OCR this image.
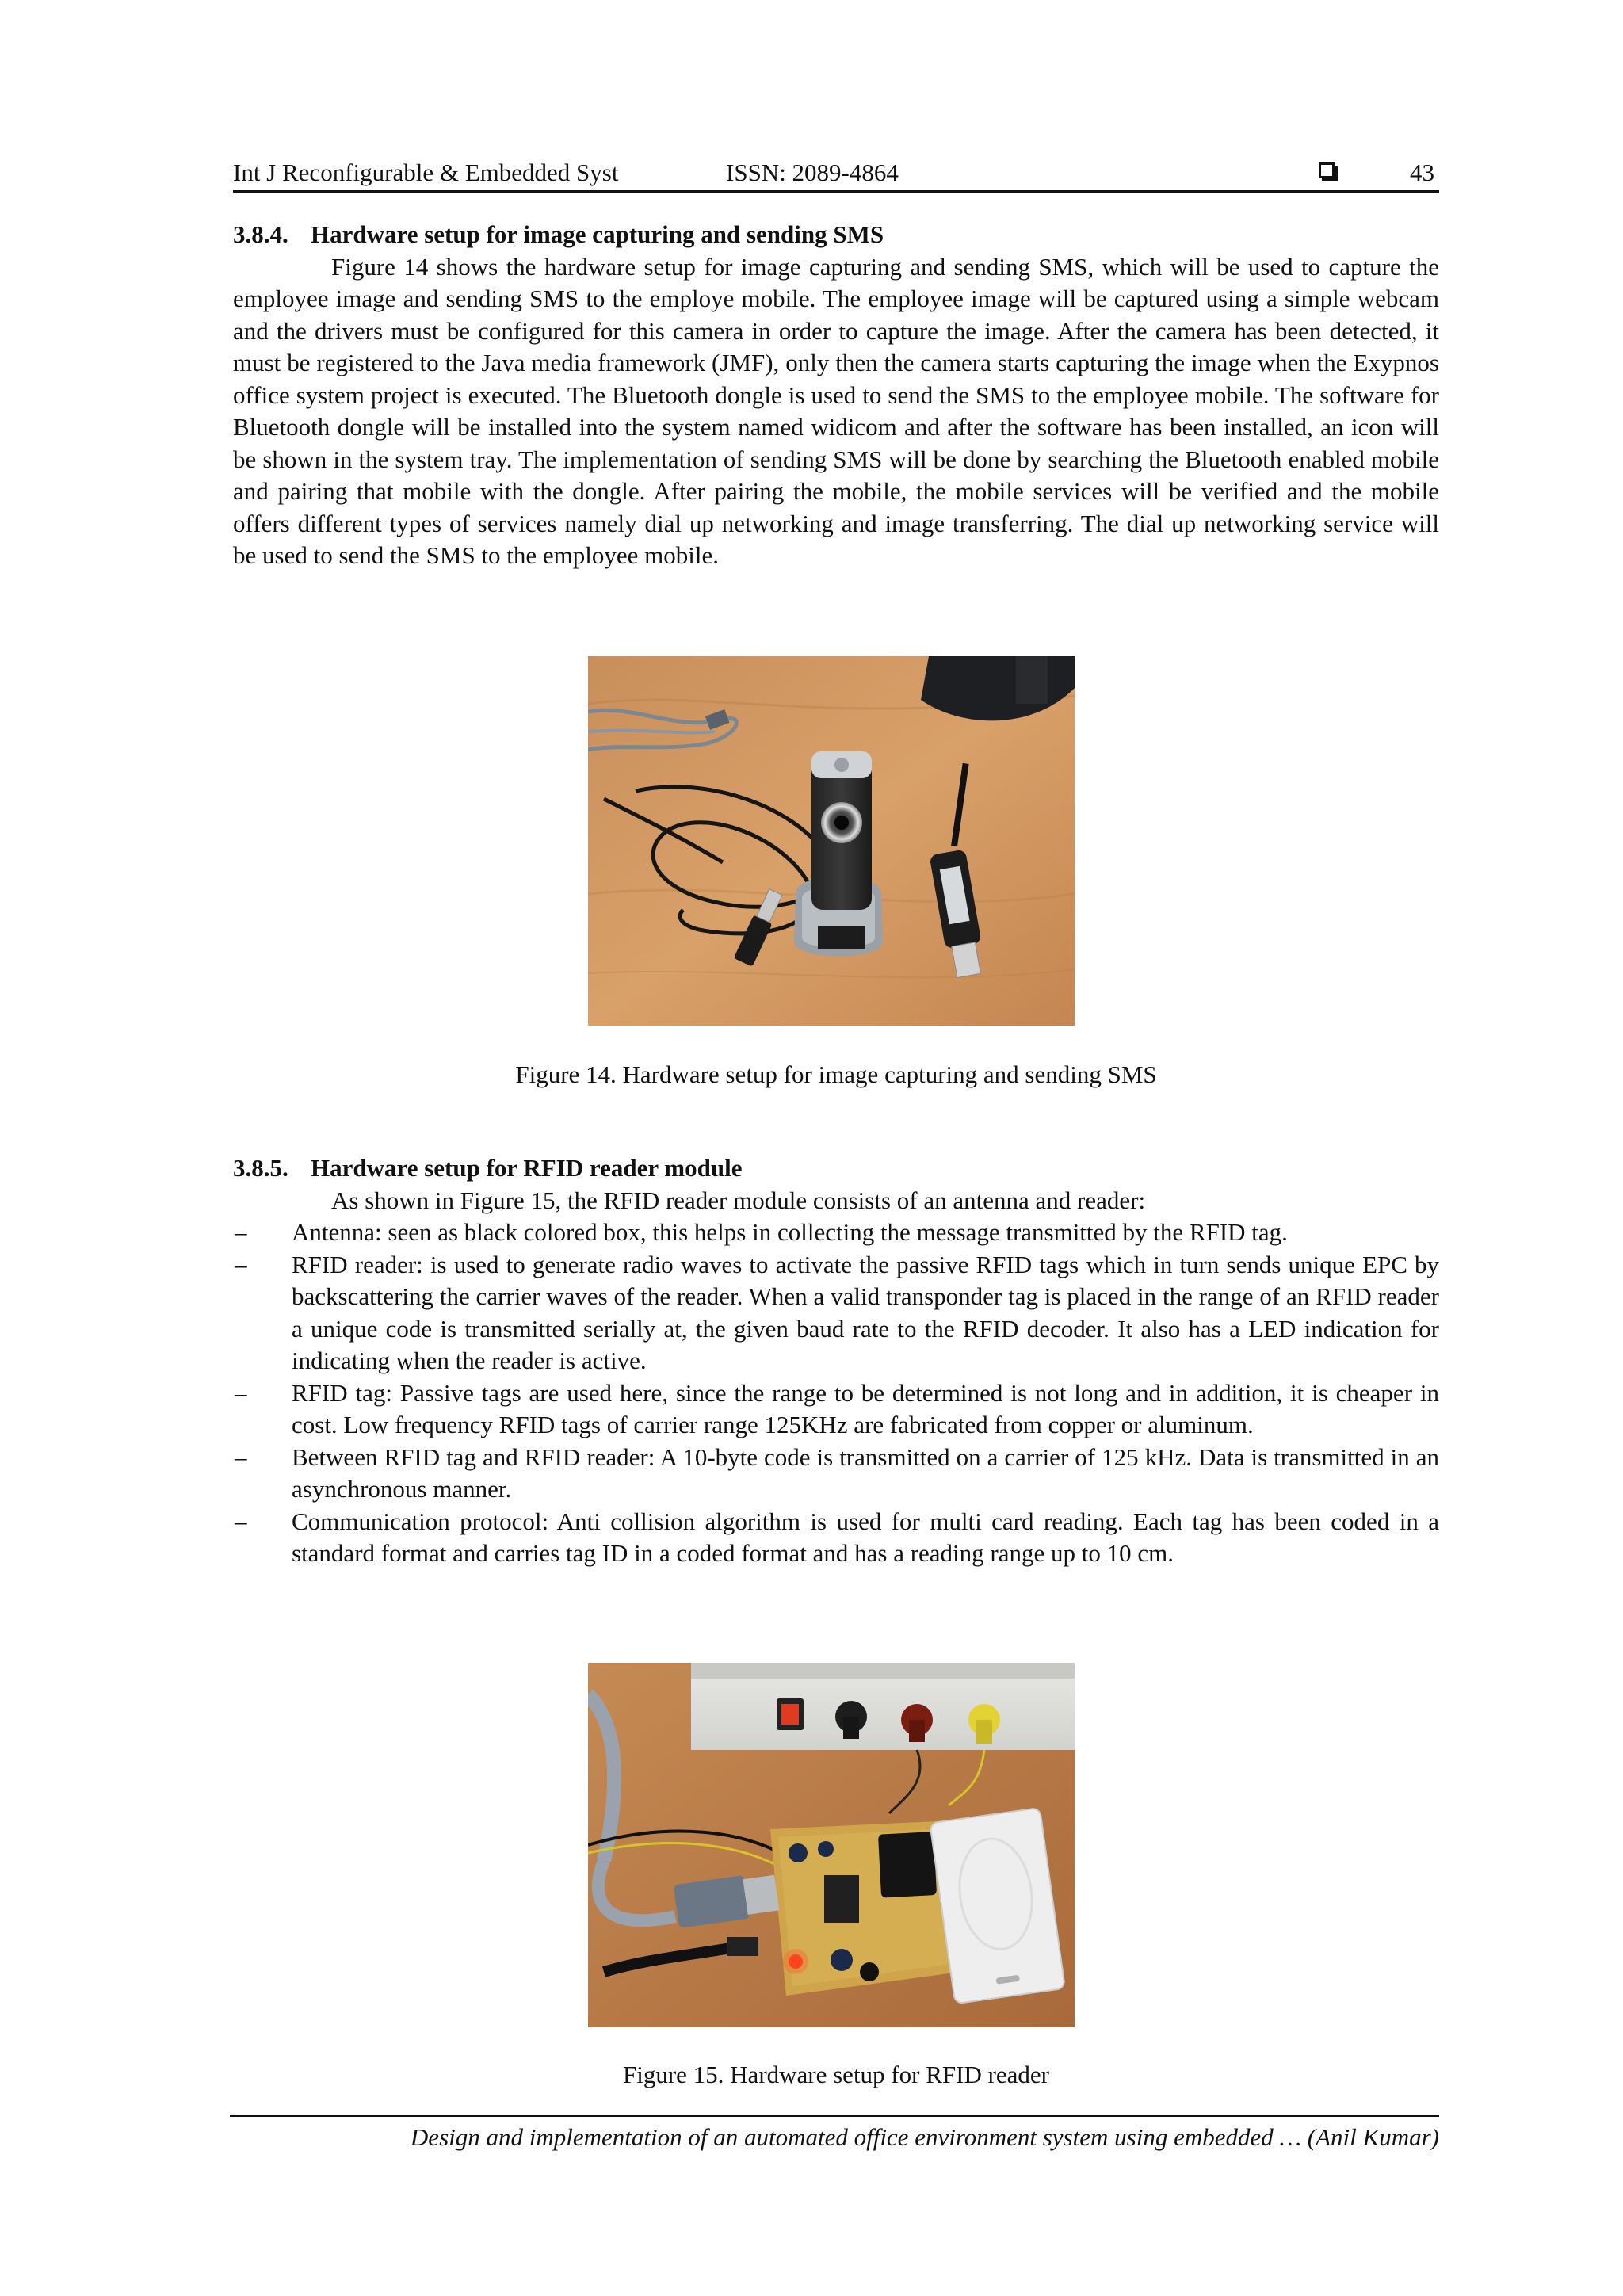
Int J Reconfigurable & Embedded Syst	ISSN: 2089-4864	43
3.8.4. Hardware setup for image capturing and sending SMS

Figure 14 shows the hardware setup for image capturing and sending SMS, which will be used to capture the employee image and sending SMS to the employe mobile. The employee image will be captured using a simple webcam and the drivers must be configured for this camera in order to capture the image. After the camera has been detected, it must be registered to the Java media framework (JMF), only then the camera starts capturing the image when the Exypnos office system project is executed. The Bluetooth dongle is used to send the SMS to the employee mobile. The software for Bluetooth dongle will be installed into the system named widicom and after the software has been installed, an icon will be shown in the system tray. The implementation of sending SMS will be done by searching the Bluetooth enabled mobile and pairing that mobile with the dongle. After pairing the mobile, the mobile services will be verified and the mobile offers different types of services namely dial up networking and image transferring. The dial up networking service will be used to send the SMS to the employee mobile.

Figure 14. Hardware setup for image capturing and sending SMS
3.8.5. Hardware setup for RFID reader module

As shown in Figure 15, the RFID reader module consists of an antenna and reader:

– Antenna: seen as black colored box, this helps in collecting the message transmitted by the RFID tag.
– RFID reader: is used to generate radio waves to activate the passive RFID tags which in turn sends unique EPC by backscattering the carrier waves of the reader. When a valid transponder tag is placed in the range of an RFID reader a unique code is transmitted serially at, the given baud rate to the RFID decoder. It also has a LED indication for indicating when the reader is active.
– RFID tag: Passive tags are used here, since the range to be determined is not long and in addition, it is cheaper in cost. Low frequency RFID tags of carrier range 125KHz are fabricated from copper or aluminum.
– Between RFID tag and RFID reader: A 10-byte code is transmitted on a carrier of 125 kHz. Data is transmitted in an asynchronous manner.
– Communication protocol: Anti collision algorithm is used for multi card reading. Each tag has been coded in a standard format and carries tag ID in a coded format and has a reading range up to 10 cm.
Figure 15. Hardware setup for RFID reader
Design and implementation of an automated office environment system using embedded … (Anil Kumar)
